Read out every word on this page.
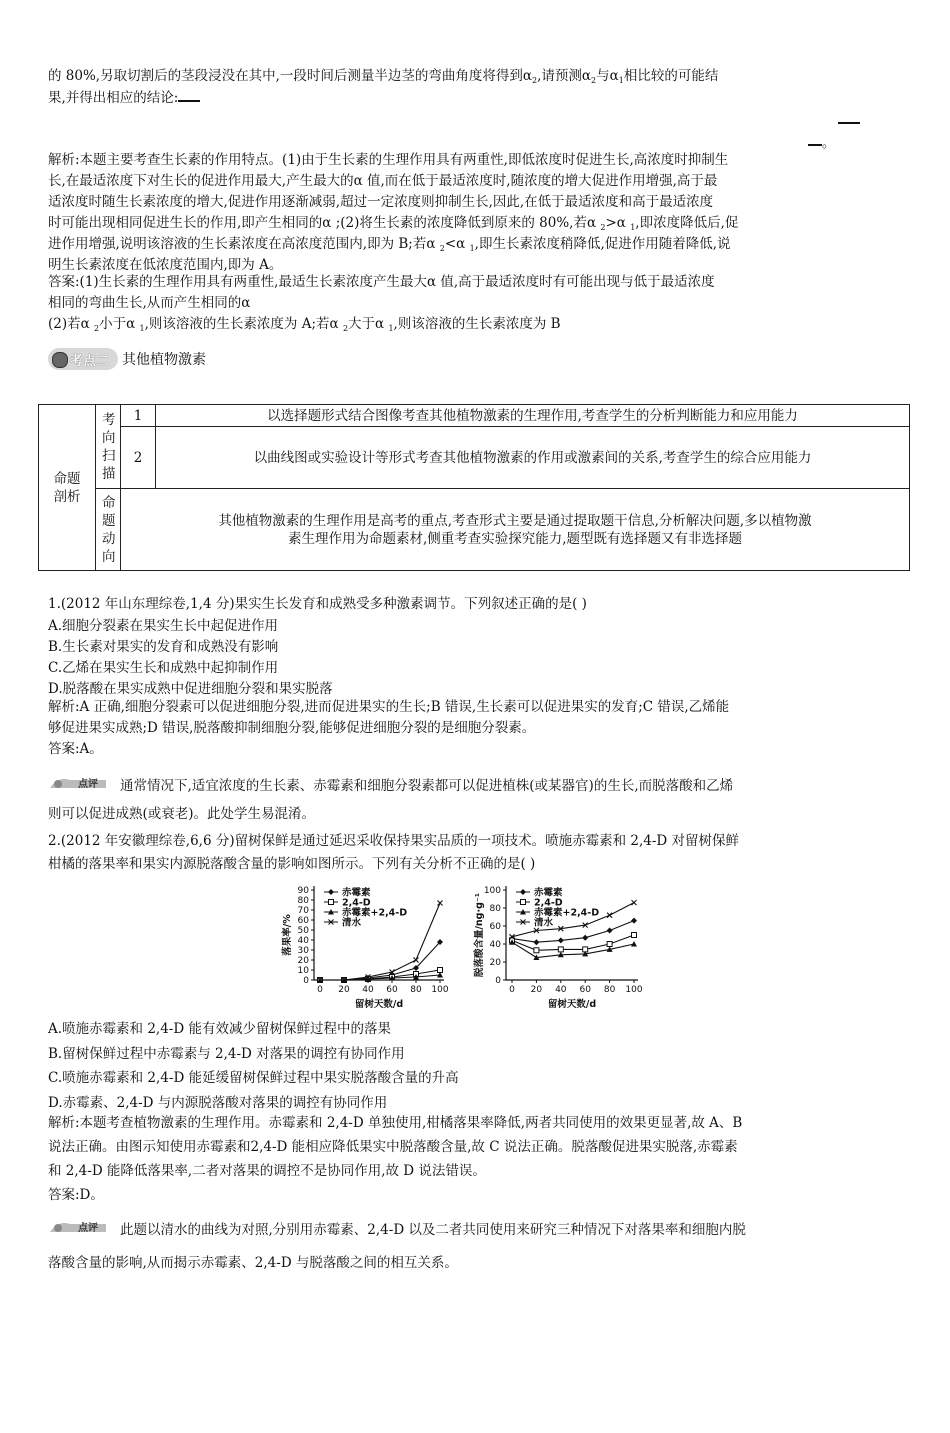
的 80%,另取切割后的茎段浸没在其中,一段时间后测量半边茎的弯曲角度将得到$\alpha_2$,请预测$\alpha_2$与$\alpha_1$相比较的可能结
果,并得出相应的结论:
。
解析:本题主要考查生长素的作用特点。(1)由于生长素的生理作用具有两重性,即低浓度时促进生长,高浓度时抑制生
长,在最适浓度下对生长的促进作用最大,产生最大的α 值,而在低于最适浓度时,随浓度的增大促进作用增强,高于最
适浓度时随生长素浓度的增大,促进作用逐渐减弱,超过一定浓度则抑制生长,因此,在低于最适浓度和高于最适浓度
时可能出现相同促进生长的作用,即产生相同的α ;(2)将生长素的浓度降低到原来的 80%,若α $_2$>α $_1$,即浓度降低后,促
进作用增强,说明该溶液的生长素浓度在高浓度范围内,即为 B;若α $_2$<α $_1$,即生长素浓度稍降低,促进作用随着降低,说
明生长素浓度在低浓度范围内,即为 A。
答案:(1)生长素的生理作用具有两重性,最适生长素浓度产生最大α 值,高于最适浓度时有可能出现与低于最适浓度
相同的弯曲生长,从而产生相同的α
(2)若α $_2$小于α $_1$,则该溶液的生长素浓度为 A;若α $_2$大于α $_1$,则该溶液的生长素浓度为 B
考点二 其他植物激素
命题剖析	考向扫描	1	以选择题形式结合图像考查其他植物激素的生理作用,考查学生的分析判断能力和应用能力
		2	以曲线图或实验设计等形式考查其他植物激素的作用或激素间的关系,考查学生的综合应用能力

	命题动向	其他植物激素的生理作用是高考的重点,考查形式主要是通过提取题干信息,分析解决问题,多以植物激
素生理作用为命题素材,侧重考查实验探究能力,题型既有选择题又有非选择题	
1.(2012 年山东理综卷,1,4 分)果实生长发育和成熟受多种激素调节。下列叙述正确的是( )
A.细胞分裂素在果实生长中起促进作用
B.生长素对果实的发育和成熟没有影响
C.乙烯在果实生长和成熟中起抑制作用
D.脱落酸在果实成熟中促进细胞分裂和果实脱落
解析:A 正确,细胞分裂素可以促进细胞分裂,进而促进果实的生长;B 错误,生长素可以促进果实的发育;C 错误,乙烯能
够促进果实成熟;D 错误,脱落酸抑制细胞分裂,能够促进细胞分裂的是细胞分裂素。
答案:A。
点评 通常情况下,适宜浓度的生长素、赤霉素和细胞分裂素都可以促进植株(或某器官)的生长,而脱落酸和乙烯
则可以促进成熟(或衰老)。此处学生易混淆。
2.(2012 年安徽理综卷,6,6 分)留树保鲜是通过延迟采收保持果实品质的一项技术。喷施赤霉素和 2,4-D 对留树保鲜
柑橘的落果率和果实内源脱落酸含量的影响如图所示。下列有关分析不正确的是( )
0
10
20
30
40
50
60
70
80
90
0 20 40 60 80 100
留树天数/d
落果率/%
赤霉素
2,4-D
赤霉素+2,4-D
清水
0
20
40
60
80
100
0 20 40 60 80 100
留树天数/d
脱落酸含量/ng·g⁻¹	赤霉素
2,4-D
赤霉素+2,4-D
清水
A.喷施赤霉素和 2,4-D 能有效减少留树保鲜过程中的落果
B.留树保鲜过程中赤霉素与 2,4-D 对落果的调控有协同作用
C.喷施赤霉素和 2,4-D 能延缓留树保鲜过程中果实脱落酸含量的升高
D.赤霉素、2,4-D 与内源脱落酸对落果的调控有协同作用
解析:本题考查植物激素的生理作用。赤霉素和 2,4-D 单独使用,柑橘落果率降低,两者共同使用的效果更显著,故 A、B
说法正确。由图示知使用赤霉素和2,4-D 能相应降低果实中脱落酸含量,故 C 说法正确。脱落酸促进果实脱落,赤霉素
和 2,4-D 能降低落果率,二者对落果的调控不是协同作用,故 D 说法错误。
答案:D。
点评 此题以清水的曲线为对照,分别用赤霉素、2,4-D 以及二者共同使用来研究三种情况下对落果率和细胞内脱
落酸含量的影响,从而揭示赤霉素、2,4-D 与脱落酸之间的相互关系。
